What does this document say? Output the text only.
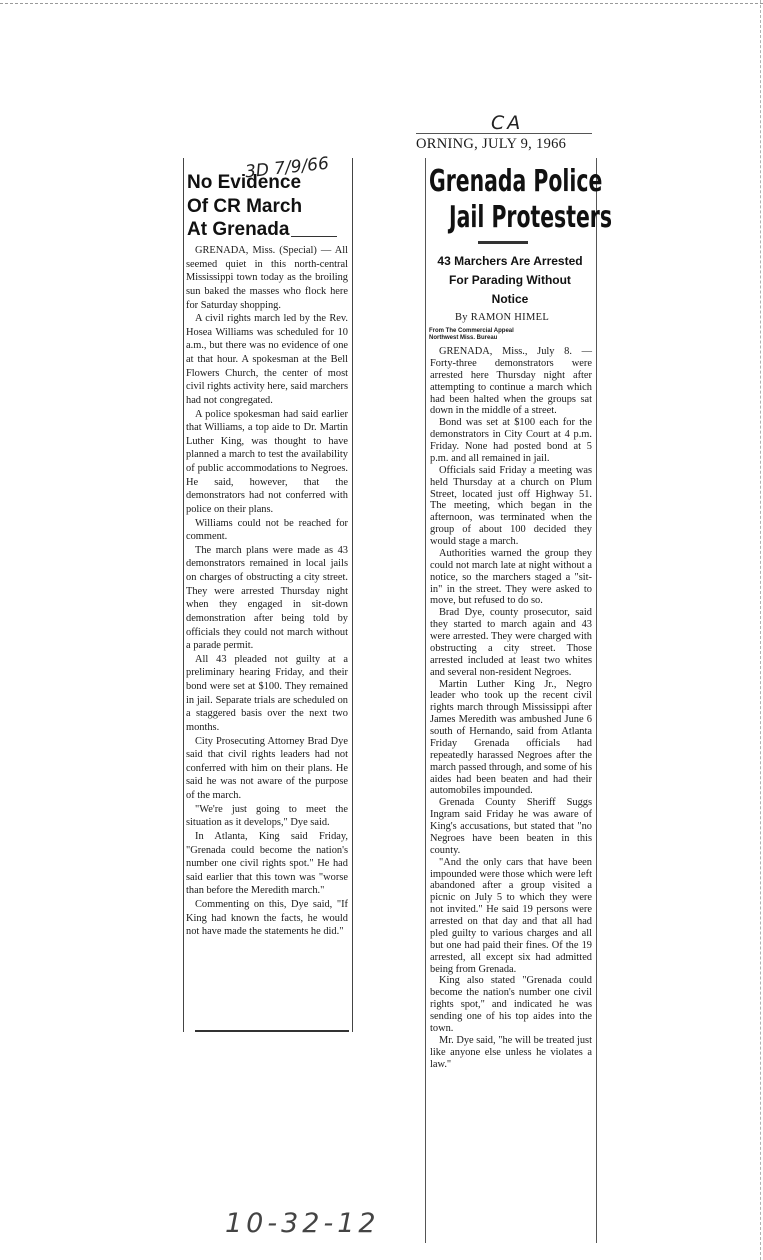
3D 7/9/66
No Evidence
Of CR March
At Grenada

GRENADA, Miss. (Special) — All seemed quiet in this north-central Mississippi town today as the broiling sun baked the masses who flock here for Saturday shopping.

A civil rights march led by the Rev. Hosea Williams was scheduled for 10 a.m., but there was no evidence of one at that hour. A spokesman at the Bell Flowers Church, the center of most civil rights activity here, said marchers had not congregated.

A police spokesman had said earlier that Williams, a top aide to Dr. Martin Luther King, was thought to have planned a march to test the availability of public accommodations to Negroes. He said, however, that the demonstrators had not conferred with police on their plans.

Williams could not be reached for comment.

The march plans were made as 43 demonstrators remained in local jails on charges of obstructing a city street. They were arrested Thursday night when they engaged in sit-down demonstration after being told by officials they could not march without a parade permit.

All 43 pleaded not guilty at a preliminary hearing Friday, and their bond were set at $100. They remained in jail. Separate trials are scheduled on a staggered basis over the next two months.

City Prosecuting Attorney Brad Dye said that civil rights leaders had not conferred with him on their plans. He said he was not aware of the purpose of the march.

"We're just going to meet the situation as it develops," Dye said.

In Atlanta, King said Friday, "Grenada could become the nation's number one civil rights spot." He had said earlier that this town was "worse than before the Meredith march."

Commenting on this, Dye said, "If King had known the facts, he would not have made the statements he did."

CA
ORNING, JULY 9, 1966
Grenada Police
Jail Protesters
43 Marchers Are Arrested
For Parading Without
Notice
By RAMON HIMEL
From The Commercial Appeal
Northwest Miss. Bureau

GRENADA, Miss., July 8. — Forty-three demonstrators were arrested here Thursday night after attempting to continue a march which had been halted when the groups sat down in the middle of a street.

Bond was set at $100 each for the demonstrators in City Court at 4 p.m. Friday. None had posted bond at 5 p.m. and all remained in jail.

Officials said Friday a meeting was held Thursday at a church on Plum Street, located just off Highway 51. The meeting, which began in the afternoon, was terminated when the group of about 100 decided they would stage a march.

Authorities warned the group they could not march late at night without a notice, so the marchers staged a "sit-in" in the street. They were asked to move, but refused to do so.

Brad Dye, county prosecutor, said they started to march again and 43 were arrested. They were charged with obstructing a city street. Those arrested included at least two whites and several non-resident Negroes.

Martin Luther King Jr., Negro leader who took up the recent civil rights march through Mississippi after James Meredith was ambushed June 6 south of Hernando, said from Atlanta Friday Grenada officials had repeatedly harassed Negroes after the march passed through, and some of his aides had been beaten and had their automobiles impounded.

Grenada County Sheriff Suggs Ingram said Friday he was aware of King's accusations, but stated that "no Negroes have been beaten in this county.

"And the only cars that have been impounded were those which were left abandoned after a group visited a picnic on July 5 to which they were not invited." He said 19 persons were arrested on that day and that all had pled guilty to various charges and all but one had paid their fines. Of the 19 arrested, all except six had admitted being from Grenada.

King also stated "Grenada could become the nation's number one civil rights spot," and indicated he was sending one of his top aides into the town.

Mr. Dye said, "he will be treated just like anyone else unless he violates a law."

10-32-12
